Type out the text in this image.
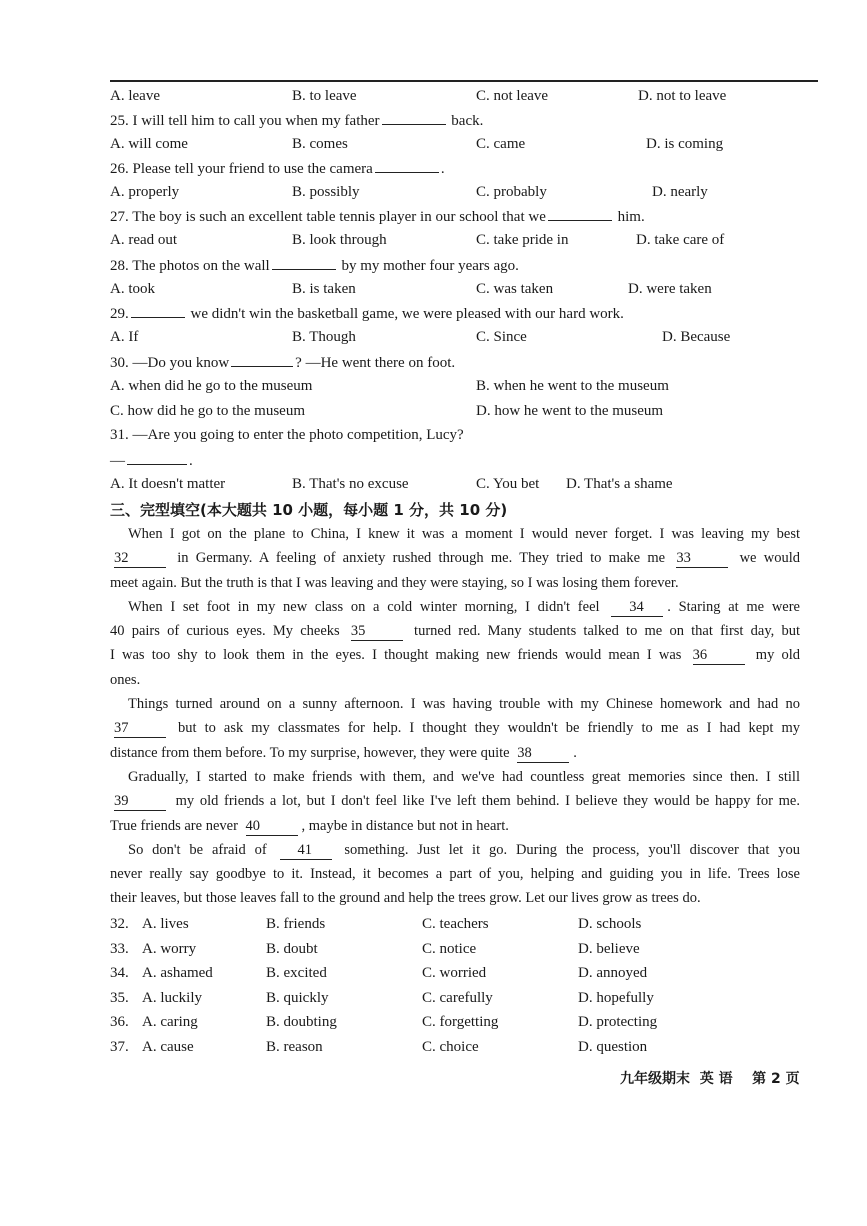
A. leave	B. to leave	C. not leave	D. not to leave
25. I will tell him to call you when my father	back.
A. will come	B. comes	C. came	D. is coming
26. Please tell your friend to use the camera	.
A. properly	B. possibly	C. probably	D. nearly
27. The boy is such an excellent table tennis player in our school that we	him.
A. read out	B. look through	C. take pride in	D. take care of
28. The photos on the wall	by my mother four years ago.
A. took	B. is taken	C. was taken	D. were taken
29.	we didn't win the basketball game, we were pleased with our hard work.
A. If	B. Though	C. Since	D. Because
30. —Do you know	? —He went there on foot.
A. when did he go to the museum	B. when he went to the museum
C. how did he go to the museum	D. how he went to the museum
31. —Are you going to enter the photo competition, Lucy?
—	.
A. It doesn't matter	B. That's no excuse	C. You bet D. That's a shame
三、完型填空(本大题共 10 小题，每小题 1 分，共 10 分)

When I got on the plane to China, I knew it was a moment I would never forget. I was leaving my best

32	in Germany. A feeling of anxiety rushed through me. They tried to make me 33	we would

meet again. But the truth is that I was leaving and they were staying, so I was losing them forever.

When I set foot in my new class on a cold winter morning, I didn't feel 34 . Staring at me were

40 pairs of curious eyes. My cheeks 35	turned red. Many students talked to me on that first day, but

I was too shy to look them in the eyes. I thought making new friends would mean I was 36	my old

ones.

Things turned around on a sunny afternoon. I was having trouble with my Chinese homework and had no

37	but to ask my classmates for help. I thought they wouldn't be friendly to me as I had kept my

distance from them before. To my surprise, however, they were quite 38	.

Gradually, I started to make friends with them, and we've had countless great memories since then. I still

39	my old friends a lot, but I don't feel like I've left them behind. I believe they would be happy for me.

True friends are never 40	, maybe in distance but not in heart.

So don't be afraid of 41 something. Just let it go. During the process, you'll discover that you

never really say goodbye to it. Instead, it becomes a part of you, helping and guiding you in life. Trees lose

their leaves, but those leaves fall to the ground and help the trees grow. Let our lives grow as trees do.

32. A. lives	B. friends	C. teachers	D. schools
33. A. worry	B. doubt	C. notice	D. believe
34. A. ashamed	B. excited	C. worried	D. annoyed
35. A. luckily	B. quickly	C. carefully	D. hopefully
36. A. caring	B. doubting	C. forgetting	D. protecting
37. A. cause	B. reason	C. choice	D. question
九年级期末 英 语 第 2 页
